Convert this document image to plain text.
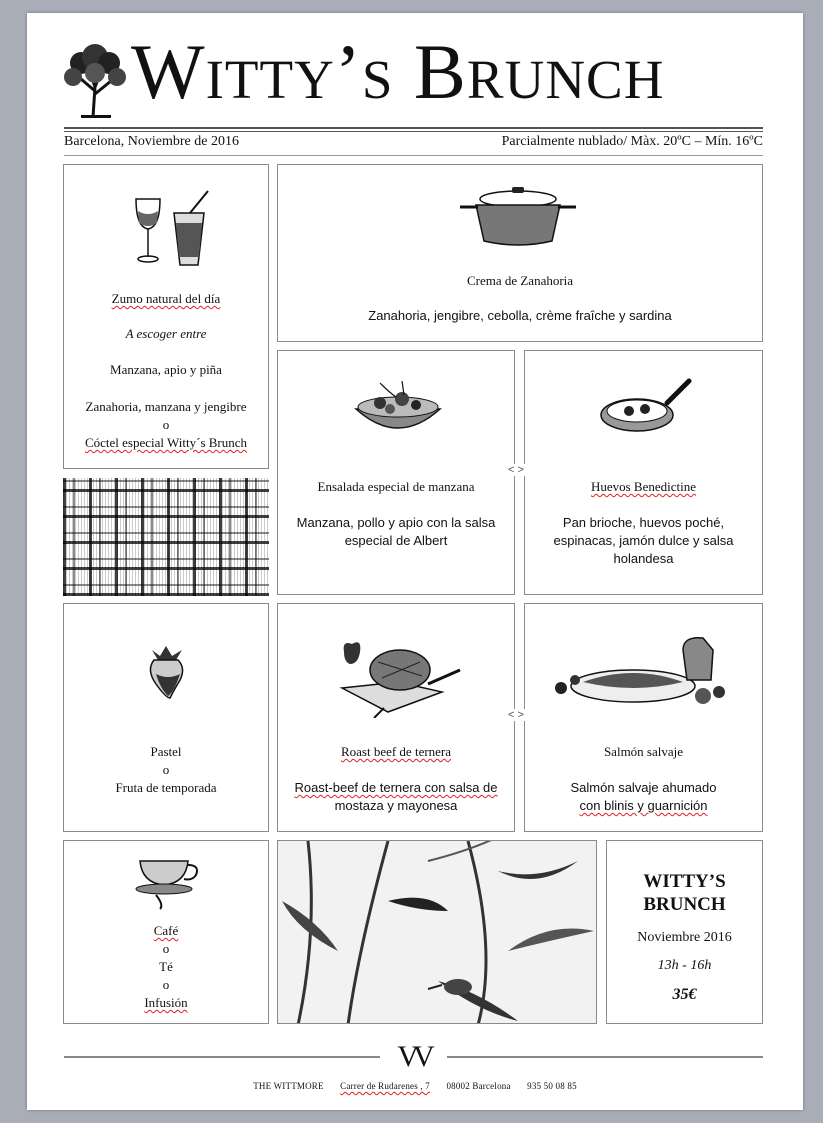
Witty’s Brunch
Barcelona, Noviembre de 2016	Parcialmente nublado/ Màx. 20ºC – Mín. 16ºC
Zumo natural del día
A escoger entre
Manzana, apio y piña
Zanahoria, manzana y jengibre
o
Cóctel especial Witty´s Brunch
Crema de Zanahoria
Zanahoria, jengibre, cebolla, crème fraîche y sardina
Ensalada especial de manzana
Manzana, pollo y apio con la salsa
especial de Albert
Huevos Benedictine
Pan brioche, huevos poché,
espinacas, jamón dulce y salsa
holandesa
< >
Pastel
o
Fruta de temporada
Roast beef de ternera
Roast-beef de ternera con salsa de
mostaza y mayonesa
Salmón salvaje
Salmón salvaje ahumado
con blinis y guarnición
< >
Café
o
Té
o
Infusión
WITTY’S
BRUNCH
Noviembre 2016
13h - 16h
35€
VV
THE WITTMORE Carrer de Rudarenes , 7 08002 Barcelona 935 50 08 85
